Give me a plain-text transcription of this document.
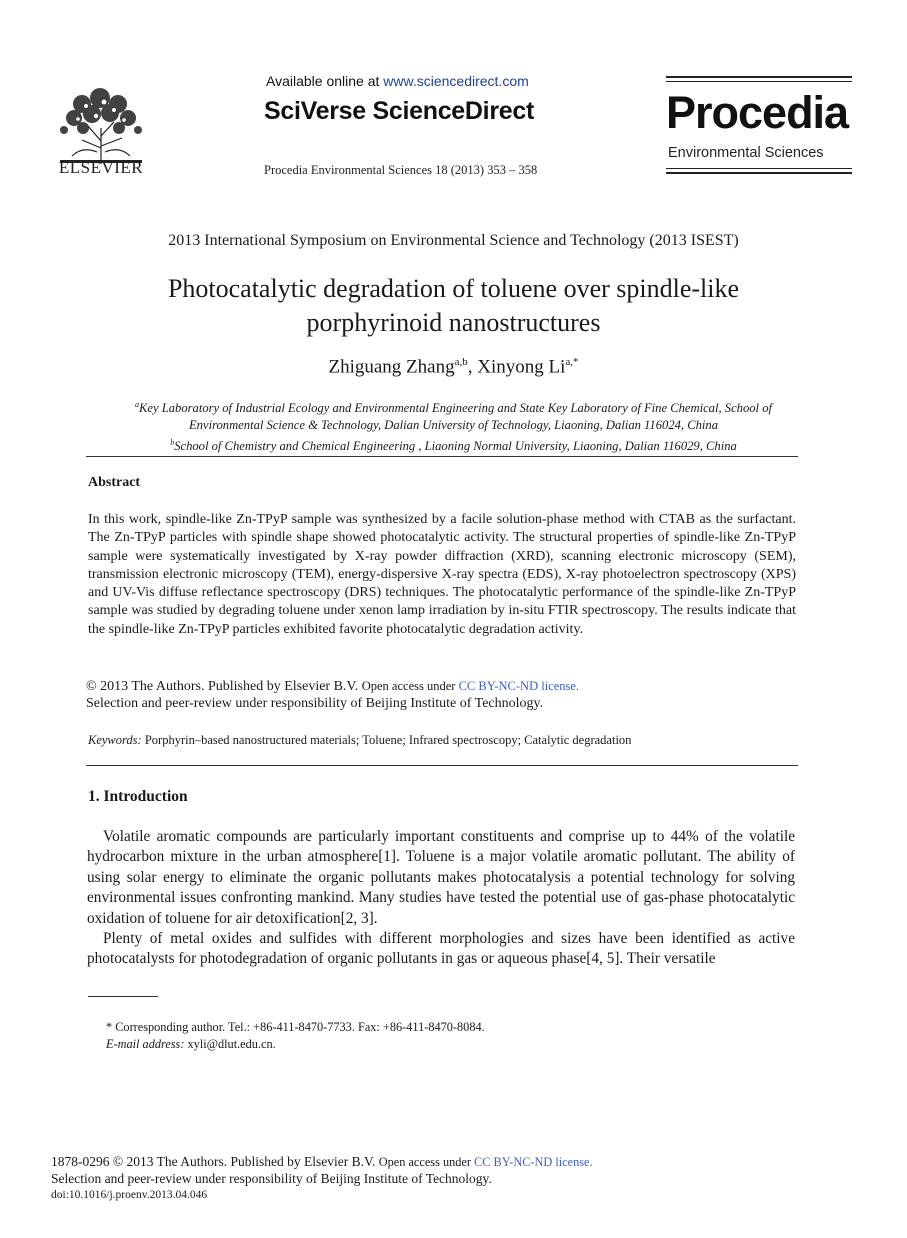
ELSEVIER
Available online at www.sciencedirect.com
SciVerse ScienceDirect
Procedia Environmental Sciences 18 (2013) 353 – 358
Procedia
Environmental Sciences
2013 International Symposium on Environmental Science and Technology (2013 ISEST)
Photocatalytic degradation of toluene over spindle-like
porphyrinoid nanostructures
Zhiguang Zhang$^{a,b}$, Xinyong $Li^{a,*}$
$^a$Key Laboratory of Industrial Ecology and Environmental Engineering and State Key Laboratory of Fine Chemical, School of
Environmental Science & Technology, Dalian University of Technology, Liaoning, Dalian 116024, China
$^b$School of Chemistry and Chemical Engineering , Liaoning Normal University, Liaoning, Dalian 116029, China
Abstract
In this work, spindle-like Zn-TPyP sample was synthesized by a facile solution-phase method with CTAB as the surfactant. The Zn-TPyP particles with spindle shape showed photocatalytic activity. The structural properties of spindle-like Zn-TPyP sample were systematically investigated by X-ray powder diffraction (XRD), scanning electronic microscopy (SEM), transmission electronic microscopy (TEM), energy-dispersive X-ray spectra (EDS), X-ray photoelectron spectroscopy (XPS) and UV-Vis diffuse reflectance spectroscopy (DRS) techniques. The photocatalytic performance of the spindle-like Zn-TPyP sample was studied by degrading toluene under xenon lamp irradiation by in-situ FTIR spectroscopy. The results indicate that the spindle-like Zn-TPyP particles exhibited favorite photocatalytic degradation activity.
© 2013 The Authors. Published by Elsevier B.V. Open access under CC BY-NC-ND license.
Selection and peer-review under responsibility of Beijing Institute of Technology.
Keywords: Porphyrin–based nanostructured materials; Toluene; Infrared spectroscopy; Catalytic degradation
1. Introduction

Volatile aromatic compounds are particularly important constituents and comprise up to 44% of the volatile hydrocarbon mixture in the urban atmosphere[1]. Toluene is a major volatile aromatic pollutant. The ability of using solar energy to eliminate the organic pollutants makes photocatalysis a potential technology for solving environmental issues confronting mankind. Many studies have tested the potential use of gas-phase photocatalytic oxidation of toluene for air detoxification[2, 3].

Plenty of metal oxides and sulfides with different morphologies and sizes have been identified as active photocatalysts for photodegradation of organic pollutants in gas or aqueous phase[4, 5]. Their versatile

* Corresponding author. Tel.: +86-411-8470-7733. Fax: +86-411-8470-8084.
E-mail address: xyli@dlut.edu.cn.
1878-0296 © 2013 The Authors. Published by Elsevier B.V. Open access under CC BY-NC-ND license.
Selection and peer-review under responsibility of Beijing Institute of Technology.
doi:10.1016/j.proenv.2013.04.046
